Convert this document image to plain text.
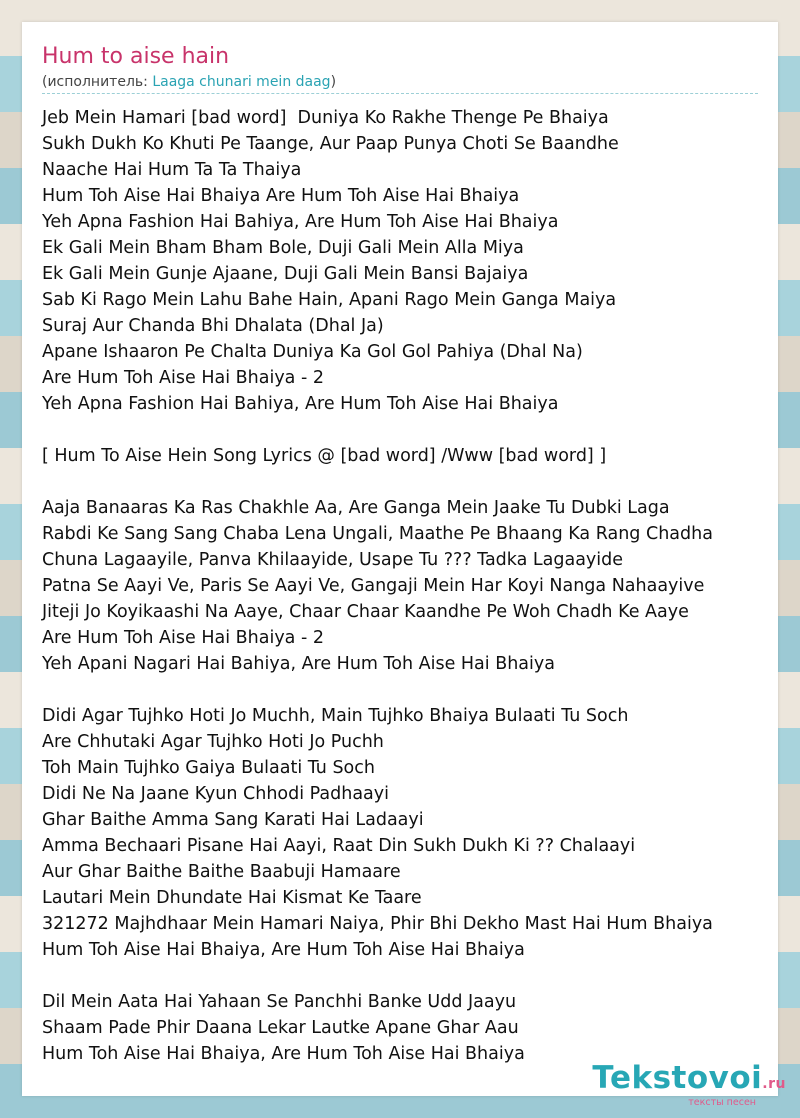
Hum to aise hain
(исполнитель: Laaga chunari mein daag)
Jeb Mein Hamari [bad word]  Duniya Ko Rakhe Thenge Pe Bhaiya
Sukh Dukh Ko Khuti Pe Taange, Aur Paap Punya Choti Se Baandhe
Naache Hai Hum Ta Ta Thaiya
Hum Toh Aise Hai Bhaiya Are Hum Toh Aise Hai Bhaiya
Yeh Apna Fashion Hai Bahiya, Are Hum Toh Aise Hai Bhaiya
Ek Gali Mein Bham Bham Bole, Duji Gali Mein Alla Miya
Ek Gali Mein Gunje Ajaane, Duji Gali Mein Bansi Bajaiya
Sab Ki Rago Mein Lahu Bahe Hain, Apani Rago Mein Ganga Maiya
Suraj Aur Chanda Bhi Dhalata (Dhal Ja)
Apane Ishaaron Pe Chalta Duniya Ka Gol Gol Pahiya (Dhal Na)
Are Hum Toh Aise Hai Bhaiya - 2
Yeh Apna Fashion Hai Bahiya, Are Hum Toh Aise Hai Bhaiya
[ Hum To Aise Hein Song Lyrics @ [bad word] /Www [bad word] ]
Aaja Banaaras Ka Ras Chakhle Aa, Are Ganga Mein Jaake Tu Dubki Laga
Rabdi Ke Sang Sang Chaba Lena Ungali, Maathe Pe Bhaang Ka Rang Chadha
Chuna Lagaayile, Panva Khilaayide, Usape Tu ??? Tadka Lagaayide
Patna Se Aayi Ve, Paris Se Aayi Ve, Gangaji Mein Har Koyi Nanga Nahaayive
Jiteji Jo Koyikaashi Na Aaye, Chaar Chaar Kaandhe Pe Woh Chadh Ke Aaye
Are Hum Toh Aise Hai Bhaiya - 2
Yeh Apani Nagari Hai Bahiya, Are Hum Toh Aise Hai Bhaiya
Didi Agar Tujhko Hoti Jo Muchh, Main Tujhko Bhaiya Bulaati Tu Soch
Are Chhutaki Agar Tujhko Hoti Jo Puchh
Toh Main Tujhko Gaiya Bulaati Tu Soch
Didi Ne Na Jaane Kyun Chhodi Padhaayi
Ghar Baithe Amma Sang Karati Hai Ladaayi
Amma Bechaari Pisane Hai Aayi, Raat Din Sukh Dukh Ki ?? Chalaayi
Aur Ghar Baithe Baithe Baabuji Hamaare
Lautari Mein Dhundate Hai Kismat Ke Taare
321272 Majhdhaar Mein Hamari Naiya, Phir Bhi Dekho Mast Hai Hum Bhaiya
Hum Toh Aise Hai Bhaiya, Are Hum Toh Aise Hai Bhaiya
Dil Mein Aata Hai Yahaan Se Panchhi Banke Udd Jaayu
Shaam Pade Phir Daana Lekar Lautke Apane Ghar Aau
Hum Toh Aise Hai Bhaiya, Are Hum Toh Aise Hai Bhaiya
Tekstovoi.ru
тексты песен
